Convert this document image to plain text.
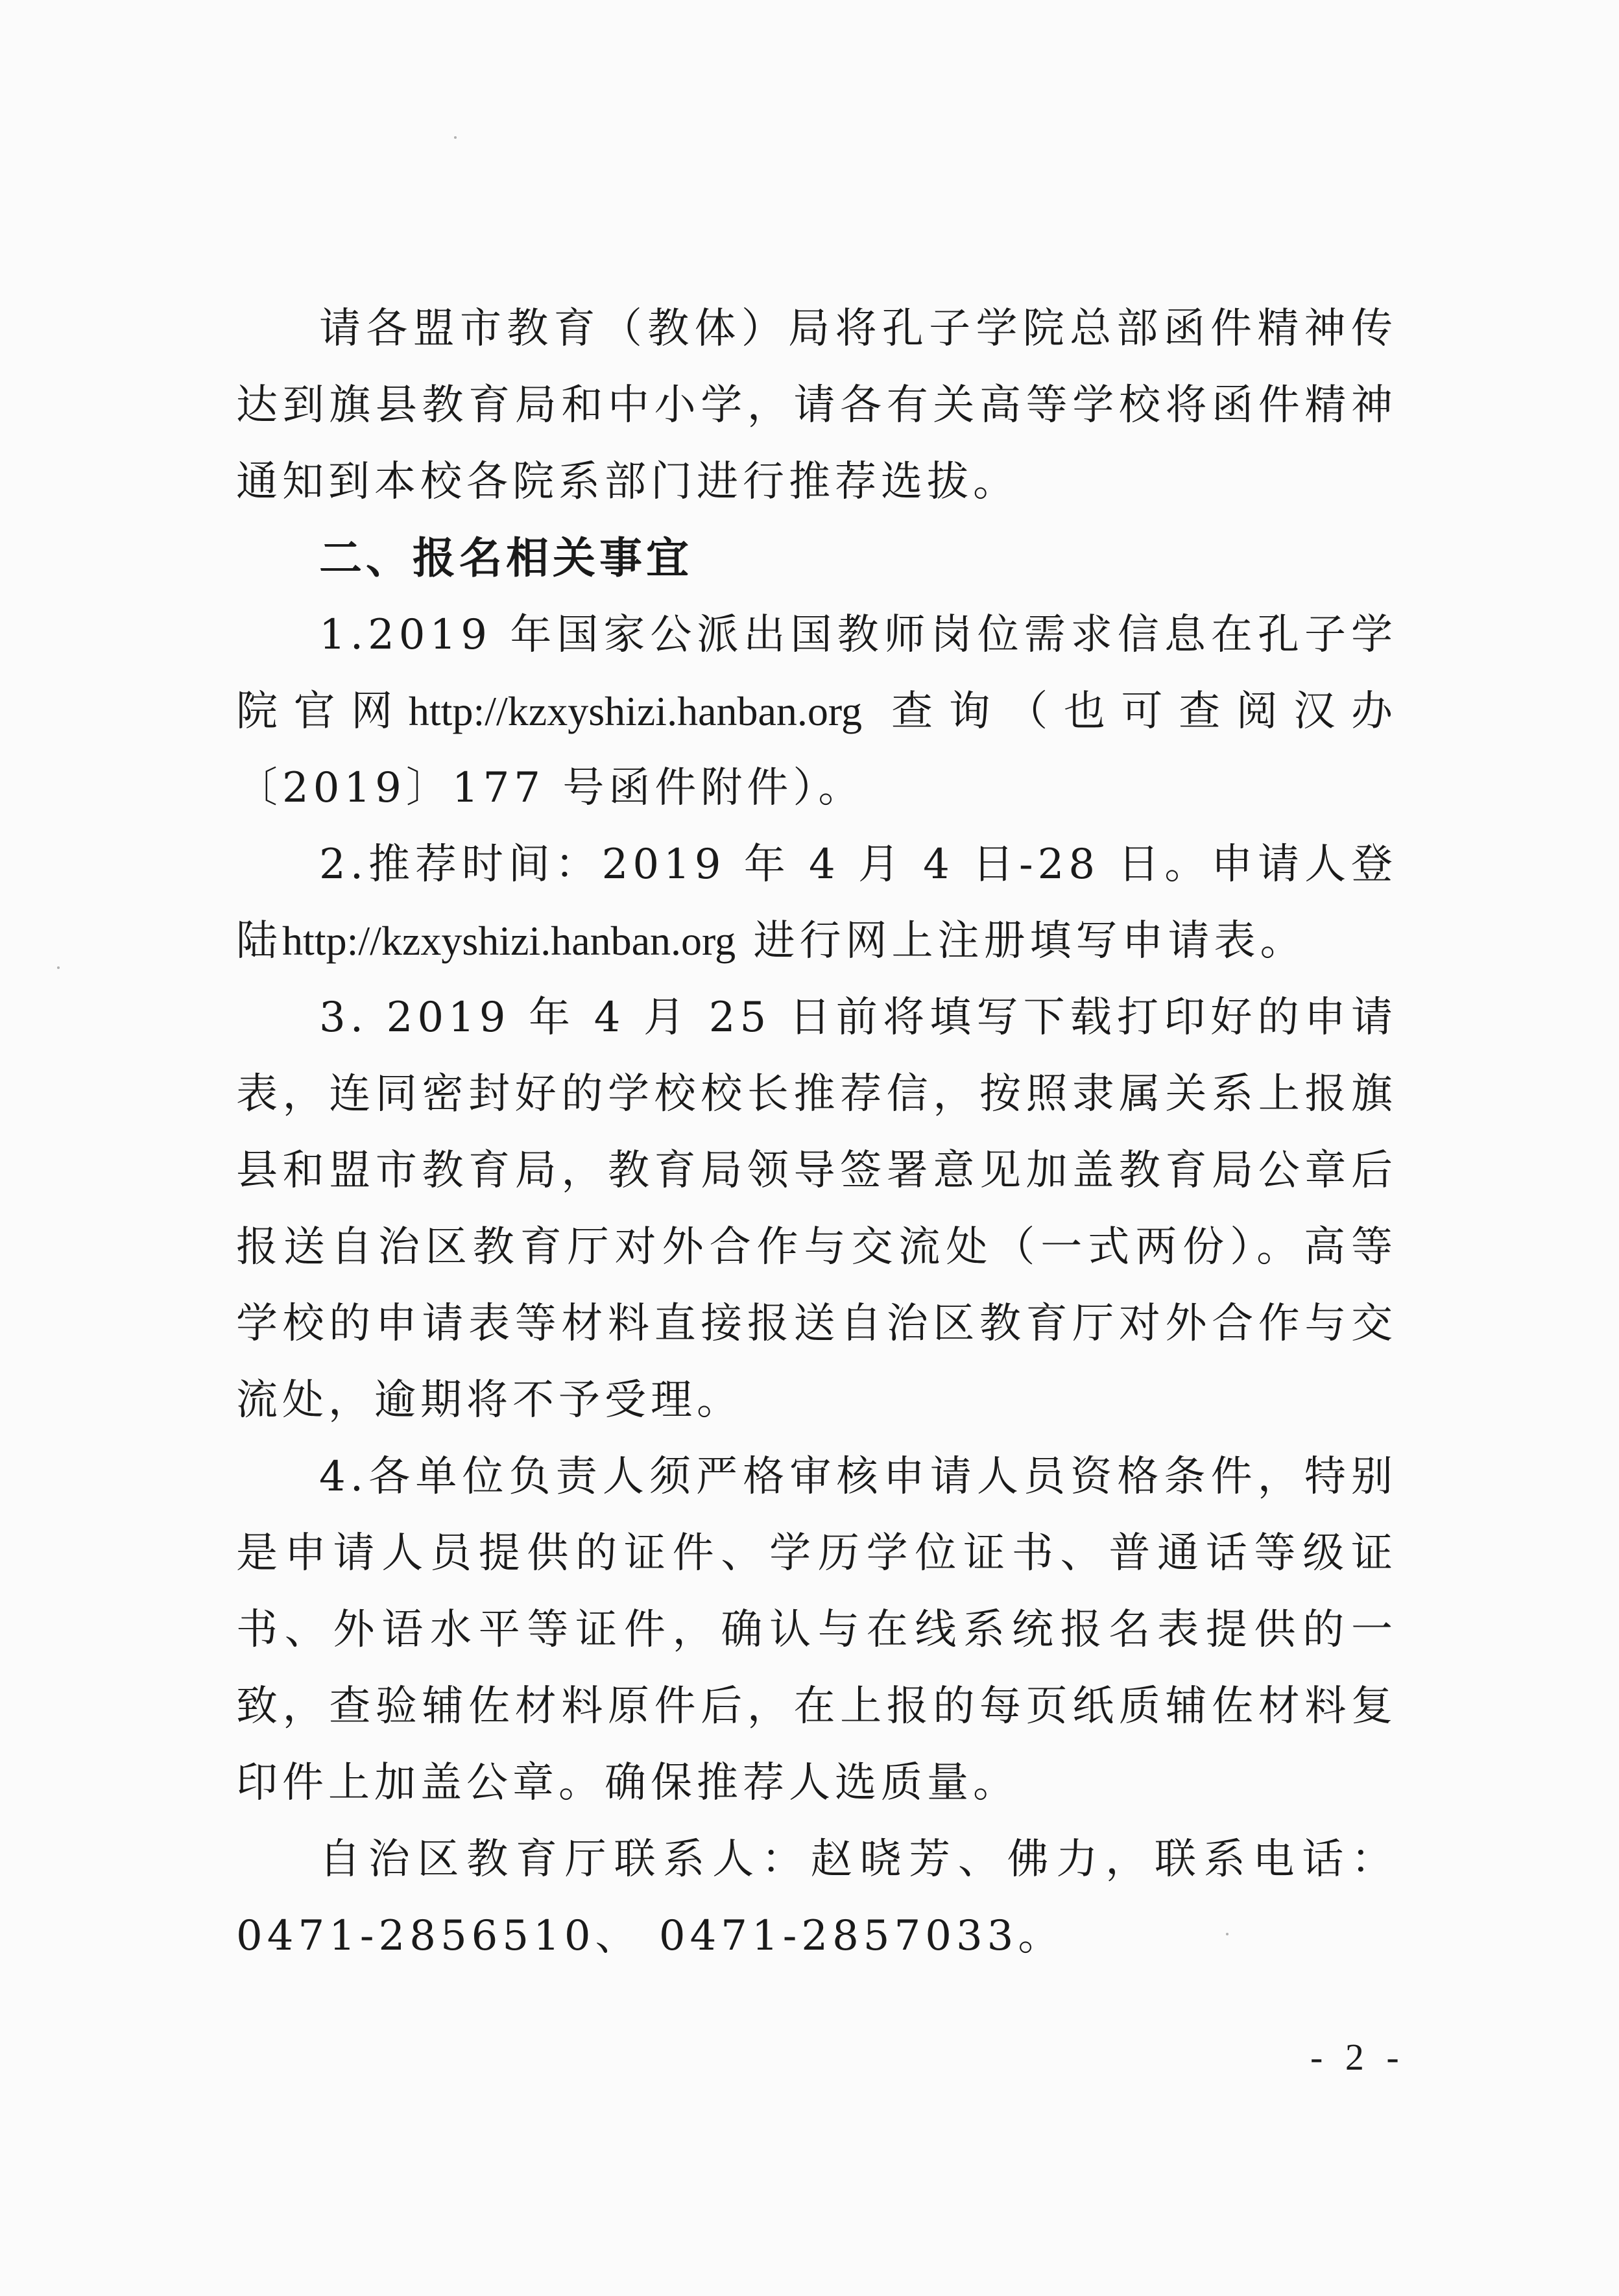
请各盟市教育（教体）局将孔子学院总部函件精神传达到旗县教育局和中小学，请各有关高等学校将函件精神通知到本校各院系部门进行推荐选拔。

二、报名相关事宜

1.2019 年国家公派出国教师岗位需求信息在孔子学院官网http://kzxyshizi.hanban.org 查询（也可查阅汉办〔2019〕177 号函件附件）。

2.推荐时间：2019 年 4 月 4 日-28 日。申请人登陆http://kzxyshizi.hanban.org 进行网上注册填写申请表。

3. 2019 年 4 月 25 日前将填写下载打印好的申请表，连同密封好的学校校长推荐信，按照隶属关系上报旗县和盟市教育局，教育局领导签署意见加盖教育局公章后报送自治区教育厅对外合作与交流处（一式两份）。高等学校的申请表等材料直接报送自治区教育厅对外合作与交流处，逾期将不予受理。

4.各单位负责人须严格审核申请人员资格条件，特别是申请人员提供的证件、学历学位证书、普通话等级证书、外语水平等证件，确认与在线系统报名表提供的一致，查验辅佐材料原件后，在上报的每页纸质辅佐材料复印件上加盖公章。确保推荐人选质量。

自治区教育厅联系人：赵晓芳、佛力，联系电话：0471-2856510、 0471-2857033。

- 2 -
